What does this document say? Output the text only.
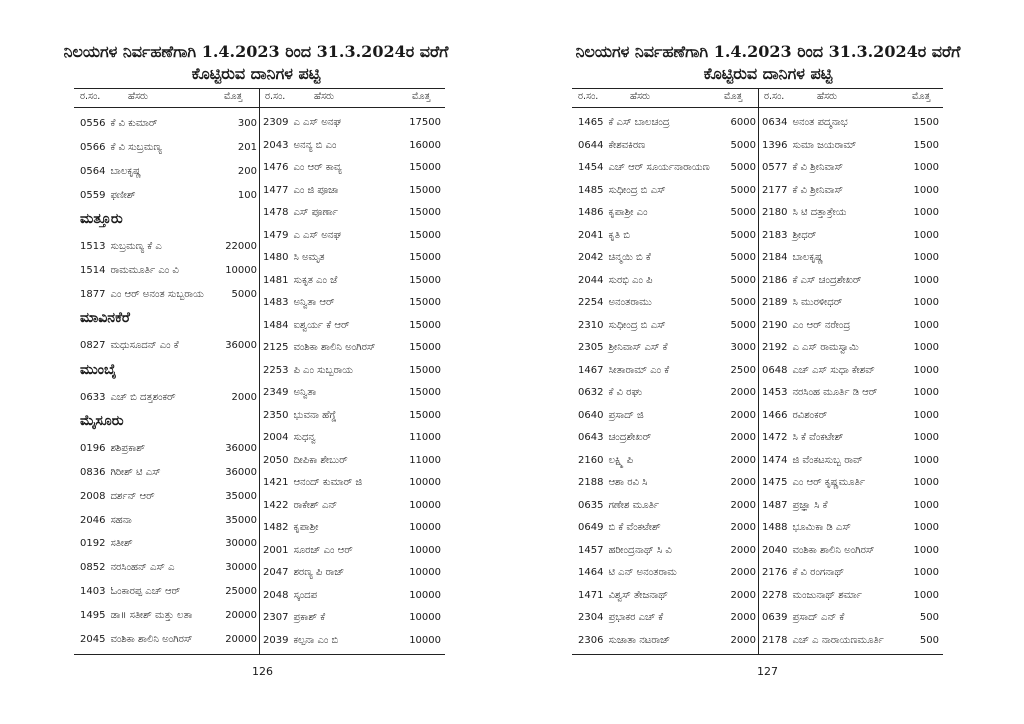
ನಿಲಯಗಳ ನಿರ್ವಹಣೆಗಾಗಿ 1.4.2023 ರಿಂದ 31.3.2024ರ ವರೆಗೆ
ಕೊಟ್ಟಿರುವ ದಾನಿಗಳ ಪಟ್ಟಿ
ರ.ಸಂ.	ಹೆಸರು	ಮೊತ್ತ ರ.ಸಂ.	ಹೆಸರು	ಮೊತ್ತ
0556 ಕೆ ವಿ ಕುಮಾರ್	300
0566 ಕೆ ವಿ ಸುಬ್ರಮಣ್ಯ	201
0564 ಬಾಲಕೃಷ್ಣ	200
0559 ಫಣೀಶ್	100
ಮತ್ತೂರು
1513 ಸುಬ್ರಮಣ್ಯ ಕೆ ಎ	22000
1514 ರಾಮಮೂರ್ತಿ ಎಂ ವಿ	10000
1877 ಎಂ ಆರ್ ಅನಂತ ಸುಬ್ಬರಾಯ	5000
ಮಾವಿನಕೆರೆ
0827 ಮಧುಸೂದನ್ ಎಂ ಕೆ	36000
ಮುಂಬೈ
0633 ಎಚ್ ಬಿ ದತ್ತಶಂಕರ್	2000
ಮೈಸೂರು
0196 ಶಶಿಪ್ರಕಾಶ್	36000
0836 ಗಿರೀಶ್ ಟಿ ಎಸ್	36000
2008 ದರ್ಶನ್ ಆರ್	35000
2046 ಸಹನಾ	35000
0192 ಸತೀಶ್	30000
0852 ನರಸಿಂಹನ್ ಎಸ್ ಎ	30000
1403 ಓಂಕಾರಪ್ಪ ಎಚ್ ಆರ್	25000
1495 ಡಾ॥ ಸತೀಶ್ ಮತ್ತು ಲತಾ	20000
2045 ವಂಶಿಕಾ ಶಾಲಿನಿ ಅಂಗಿರಸ್	20000
2309 ಎ ಎಸ್ ಅನಘ	17500
2043 ಅನನ್ಯ ಬಿ ಎಂ	16000
1476 ಎಂ ಆರ್ ಕಾವ್ಯ	15000
1477 ಎಂ ಜಿ ಪೂಜಾ	15000
1478 ಎಸ್ ಪೂರ್ಣಾ	15000
1479 ಎ ಎಸ್ ಅನಘ	15000
1480 ಸಿ ಅಮೃತ	15000
1481 ಸುಕೃತ ಎಂ ಜೆ	15000
1483 ಅನ್ವಿತಾ ಆರ್	15000
1484 ಐಶ್ವರ್ಯ ಕೆ ಆರ್	15000
2125 ವಂಶಿಕಾ ಶಾಲಿನಿ ಅಂಗಿರಸ್	15000
2253 ಪಿ ಎಂ ಸುಬ್ಬರಾಯ	15000
2349 ಅನ್ವಿತಾ	15000
2350 ಭುವನಾ ಹೆಗ್ಡೆ	15000
2004 ಸುಧನ್ವ	11000
2050 ದೀಪಿಕಾ ಶೇಬುರ್	11000
1421 ಆನಂದ್ ಕುಮಾರ್ ಜಿ	10000
1422 ರಾಕೇಶ್ ಎನ್	10000
1482 ಕೃಪಾಶ್ರೀ	10000
2001 ಸೂರಜ್ ಎಂ ಆರ್	10000
2047 ಶರಣ್ಯ ಪಿ ರಾಜ್	10000
2048 ಸ್ಕಂದಪ	10000
2307 ಪ್ರಕಾಶ್ ಕೆ	10000
2039 ಕಲ್ಪನಾ ಎಂ ಬಿ	10000
126
ನಿಲಯಗಳ ನಿರ್ವಹಣೆಗಾಗಿ 1.4.2023 ರಿಂದ 31.3.2024ರ ವರೆಗೆ
ಕೊಟ್ಟಿರುವ ದಾನಿಗಳ ಪಟ್ಟಿ
ರ.ಸಂ.	ಹೆಸರು	ಮೊತ್ತ ರ.ಸಂ.	ಹೆಸರು	ಮೊತ್ತ
1465 ಕೆ ಎಸ್ ಬಾಲಚಂದ್ರ	6000
0644 ಕೇಶವಕಿರಣ	5000
1454 ಎಚ್ ಆರ್ ಸೂರ್ಯನಾರಾಯಣ 5000
1485 ಸುಧೀಂದ್ರ ಬಿ ಎಸ್	5000
1486 ಕೃಪಾಶ್ರೀ ಎಂ	5000
2041 ಕೃತಿ ಬಿ	5000
2042 ಚಿನ್ಮಯಿ ಬಿ ಕೆ	5000
2044 ಸುರಭಿ ಎಂ ಪಿ	5000
2254 ಅನಂತರಾಮು	5000
2310 ಸುಧೀಂದ್ರ ಬಿ ಎಸ್	5000
2305 ಶ್ರೀನಿವಾಸ್ ಎಸ್ ಕೆ	3000
1467 ಸೀತಾರಾಮ್ ಎಂ ಕೆ	2500
0632 ಕೆ ವಿ ರಘು	2000
0640 ಪ್ರಸಾದ್ ಜಿ	2000
0643 ಚಂದ್ರಶೇಖರ್	2000
2160 ಲಕ್ಷ್ಮಿ ಪಿ	2000
2188 ಆಶಾ ರವಿ ಸಿ	2000
0635 ಗಣೇಶ ಮೂರ್ತಿ	2000
0649 ಬಿ ಕೆ ವೆಂಕಟೇಶ್	2000
1457 ಹರೀಂದ್ರನಾಥ್ ಸಿ ವಿ	2000
1464 ಟಿ ಎನ್ ಅನಂತರಾಮ	2000
1471 ವಿಶ್ವಸ್ ತೇಜನಾಥ್	2000
2304 ಪ್ರಭಾಕರ ಎಚ್ ಕೆ	2000
2306 ಸುಜಾತಾ ನಟರಾಜ್	2000
0634 ಅನಂತ ಪದ್ಮನಾಭ	1500
1396 ಸುಮಾ ಜಯರಾಮ್	1500
0577 ಕೆ ವಿ ಶ್ರೀನಿವಾಸ್	1000
2177 ಕೆ ವಿ ಶ್ರೀನಿವಾಸ್	1000
2180 ಸಿ ಟಿ ದತ್ತಾತ್ರೇಯ	1000
2183 ಶ್ರೀಧರ್	1000
2184 ಬಾಲಕೃಷ್ಣ	1000
2186 ಕೆ ಎಸ್ ಚಂದ್ರಶೇಖರ್	1000
2189 ಸಿ ಮುರಳೀಧರ್	1000
2190 ಎಂ ಆರ್ ನರೇಂದ್ರ	1000
2192 ಎ ಎಸ್ ರಾಮಸ್ವಾಮಿ	1000
0648 ಎಚ್ ಎಸ್ ಸುಧಾ ಕೇಶವ್	1000
1453 ನರಸಿಂಹ ಮೂರ್ತಿ ಡಿ ಆರ್	1000
1466 ರವಿಶಂಕರ್	1000
1472 ಸಿ ಕೆ ವೆಂಕಟೇಶ್	1000
1474 ಜಿ ವೆಂಕಟಸುಬ್ಬ ರಾವ್	1000
1475 ಎಂ ಆರ್ ಕೃಷ್ಣಮೂರ್ತಿ	1000
1487 ಪ್ರಜ್ಞಾ ಸಿ ಕೆ	1000
1488 ಭೂಮಿಕಾ ಡಿ ಎಸ್	1000
2040 ವಂಶಿಕಾ ಶಾಲಿನಿ ಅಂಗಿರಸ್	1000
2176 ಕೆ ವಿ ರಂಗನಾಥ್	1000
2278 ಮಂಜುನಾಥ್ ಶರ್ಮಾ	1000
0639 ಪ್ರಸಾದ್ ಎನ್ ಕೆ	500
2178 ಎಚ್ ಎ ನಾರಾಯಣಮೂರ್ತಿ	500
127
